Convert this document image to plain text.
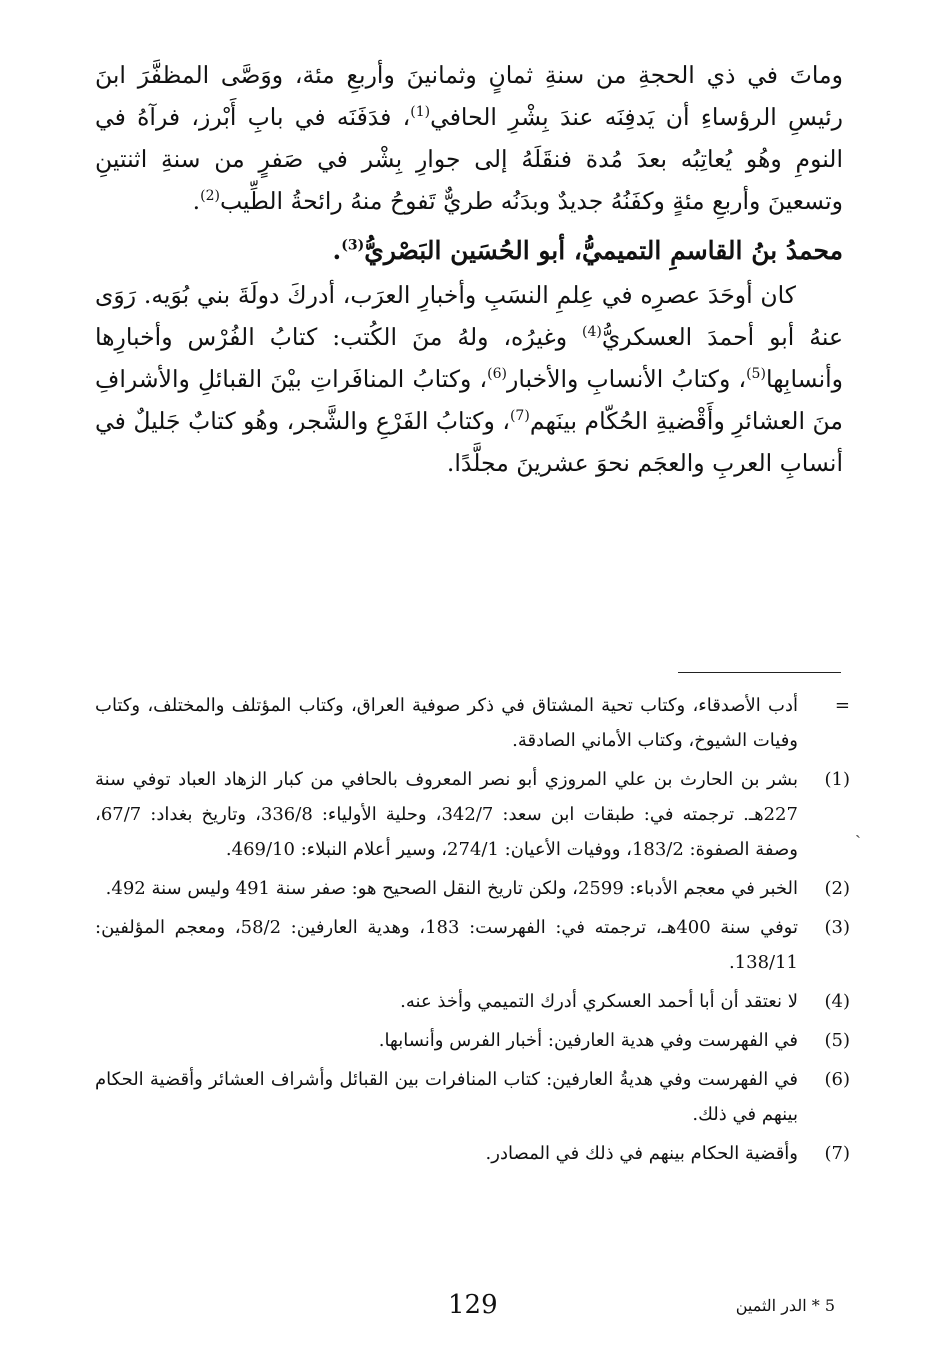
وماتَ في ذي الحجةِ من سنةِ ثمانٍ وثمانينَ وأربعِ مئة، ووَصَّى المظفَّرَ ابنَ رئيسِ الرؤساءِ أن يَدفِنَه عندَ بِشْرِ الحافي$^{(1)}$، فدَفَنَه في بابِ أَبْرز، فرآهُ في النومِ وهُو يُعاتِبُه بعدَ مُدة فنقَلَهُ إلى جوارِ بِشْر في صَفرٍ من سنةِ اثنتينِ وتسعينَ وأربعِ مئةٍ وكفَنُهُ جديدٌ وبدَنُه طريٌّ تَفوحُ منهُ رائحةُ الطِّيب$^{(2)}$.

محمدُ بنُ القاسمِ التميميُّ، أبو الحُسَين البَصْريُّ$^{(3)}$.

  كان أوحَدَ عصرِه في عِلمِ النسَبِ وأخبارِ العرَب، أدركَ دولَةَ بني بُوَيه. رَوَى عنهُ أبو أحمدَ العسكريُّ$^{(4)}$ وغيرُه، ولهُ منَ الكُتب: كتابُ الفُرْس وأخبارِها وأنسابِها$^{(5)}$، وكتابُ الأنسابِ والأخبار$^{(6)}$، وكتابُ المنافَراتِ بيْنَ القبائلِ والأشرافِ منَ العشائرِ وأَقْضيةِ الحُكّام بينَهم$^{(7)}$، وكتابُ الفَرْعِ والشَّجر، وهُو كتابٌ جَليلٌ في أنسابِ العربِ والعجَم نحوَ عشرينَ مجلَّدًا.

=
أدب الأصدقاء، وكتاب تحية المشتاق في ذكر صوفية العراق، وكتاب المؤتلف والمختلف، وكتاب وفيات الشيوخ، وكتاب الأماني الصادقة.
(1)
بشر بن الحارث بن علي المروزي أبو نصر المعروف بالحافي من كبار الزهاد العباد توفي سنة 227هـ. ترجمته في: طبقات ابن سعد: 342/7، وحلية الأولياء: 336/8، وتاريخ بغداد: 67/7، وصفة الصفوة: 183/2، ووفيات الأعيان: 274/1، وسير أعلام النبلاء: 469/10.
(2)
الخبر في معجم الأدباء: 2599، ولكن تاريخ النقل الصحيح هو: صفر سنة 491 وليس سنة 492.
(3)
توفي سنة 400هـ، ترجمته في: الفهرست: 183، وهدية العارفين: 58/2، ومعجم المؤلفين: 138/11.
(4)
لا نعتقد أن أبا أحمد العسكري أدرك التميمي وأخذ عنه.
(5)
في الفهرست وفي هدية العارفين: أخبار الفرس وأنسابها.
(6)
في الفهرست وفي هديةُ العارفين: كتاب المنافرات بين القبائل وأشراف العشائر وأقضية الحكام بينهم في ذلك.
(7)
وأقضية الحكام بينهم في ذلك في المصادر.
ˎ
129	5 * الدر الثمين
